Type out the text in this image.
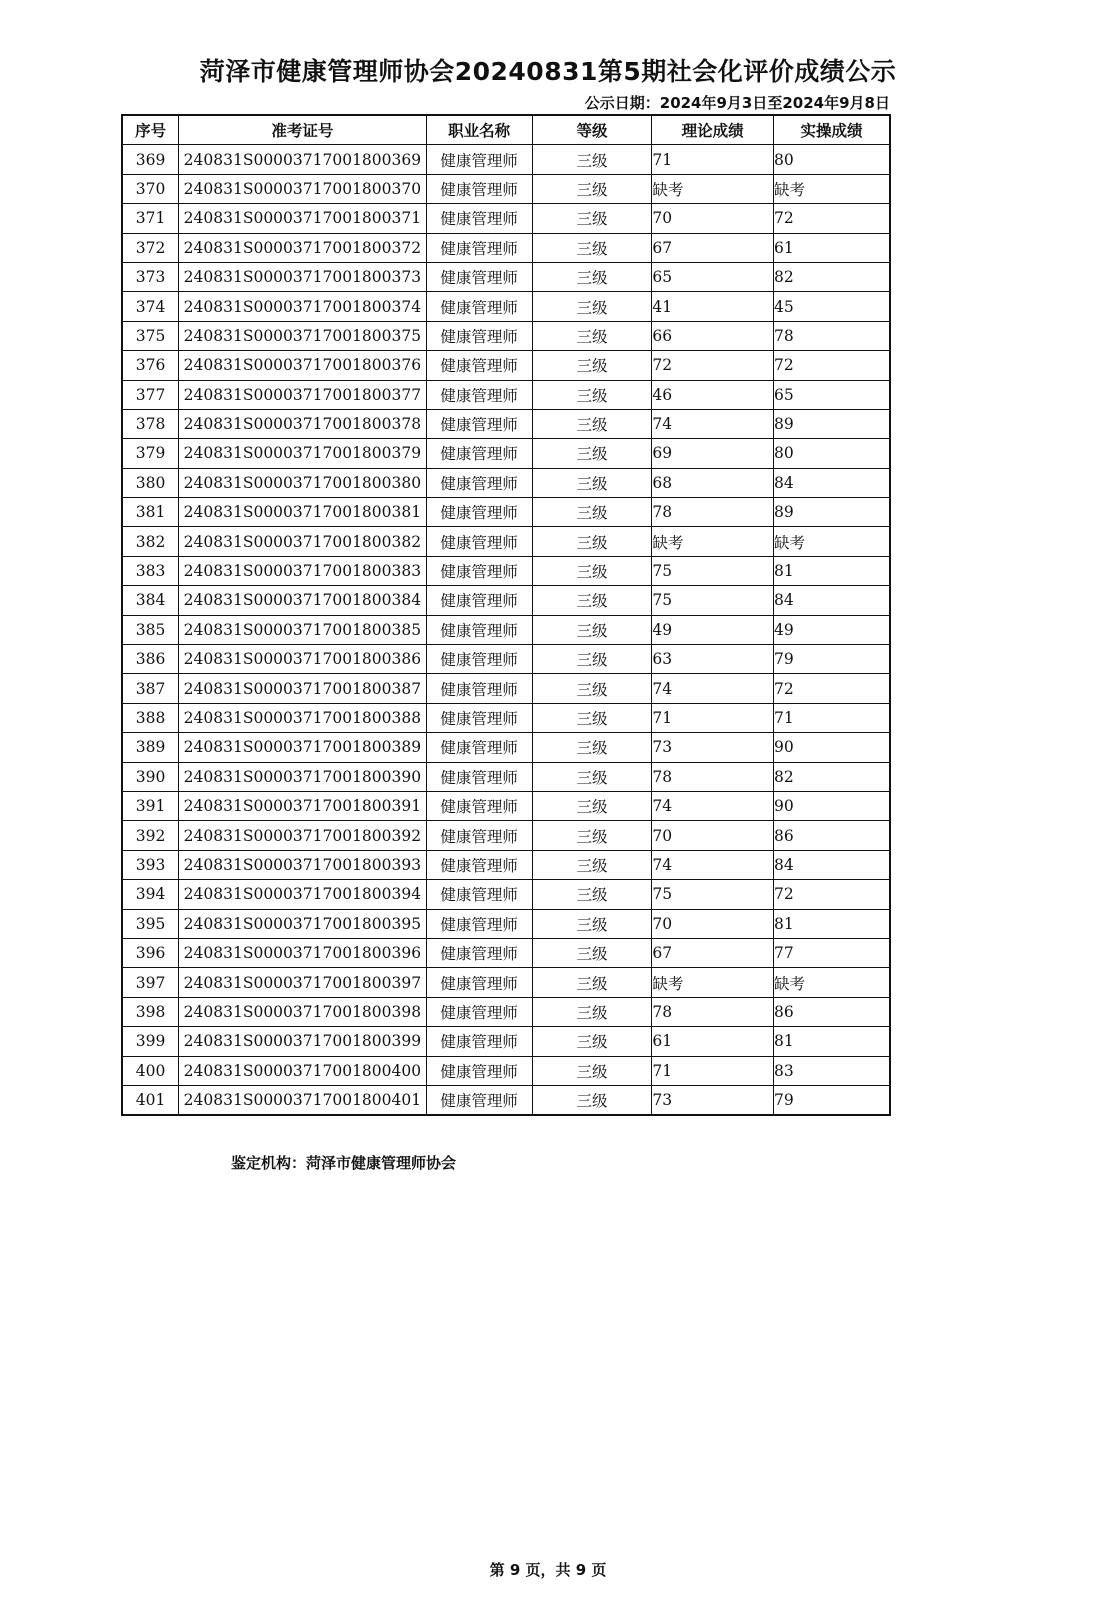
菏泽市健康管理师协会20240831第5期社会化评价成绩公示
公示日期：2024年9月3日至2024年9月8日
序号	准考证号	职业名称	等级	理论成绩	实操成绩
369	240831S00003717001800369	健康管理师	三级	71	80
370	240831S00003717001800370	健康管理师	三级	缺考	缺考
371	240831S00003717001800371	健康管理师	三级	70	72
372	240831S00003717001800372	健康管理师	三级	67	61
373	240831S00003717001800373	健康管理师	三级	65	82
374	240831S00003717001800374	健康管理师	三级	41	45
375	240831S00003717001800375	健康管理师	三级	66	78
376	240831S00003717001800376	健康管理师	三级	72	72
377	240831S00003717001800377	健康管理师	三级	46	65
378	240831S00003717001800378	健康管理师	三级	74	89
379	240831S00003717001800379	健康管理师	三级	69	80
380	240831S00003717001800380	健康管理师	三级	68	84
381	240831S00003717001800381	健康管理师	三级	78	89
382	240831S00003717001800382	健康管理师	三级	缺考	缺考
383	240831S00003717001800383	健康管理师	三级	75	81
384	240831S00003717001800384	健康管理师	三级	75	84
385	240831S00003717001800385	健康管理师	三级	49	49
386	240831S00003717001800386	健康管理师	三级	63	79
387	240831S00003717001800387	健康管理师	三级	74	72
388	240831S00003717001800388	健康管理师	三级	71	71
389	240831S00003717001800389	健康管理师	三级	73	90
390	240831S00003717001800390	健康管理师	三级	78	82
391	240831S00003717001800391	健康管理师	三级	74	90
392	240831S00003717001800392	健康管理师	三级	70	86
393	240831S00003717001800393	健康管理师	三级	74	84
394	240831S00003717001800394	健康管理师	三级	75	72
395	240831S00003717001800395	健康管理师	三级	70	81
396	240831S00003717001800396	健康管理师	三级	67	77
397	240831S00003717001800397	健康管理师	三级	缺考	缺考
398	240831S00003717001800398	健康管理师	三级	78	86
399	240831S00003717001800399	健康管理师	三级	61	81
400	240831S00003717001800400	健康管理师	三级	71	83
401	240831S00003717001800401	健康管理师	三级	73	79
鉴定机构：菏泽市健康管理师协会
第 9 页，共 9 页
